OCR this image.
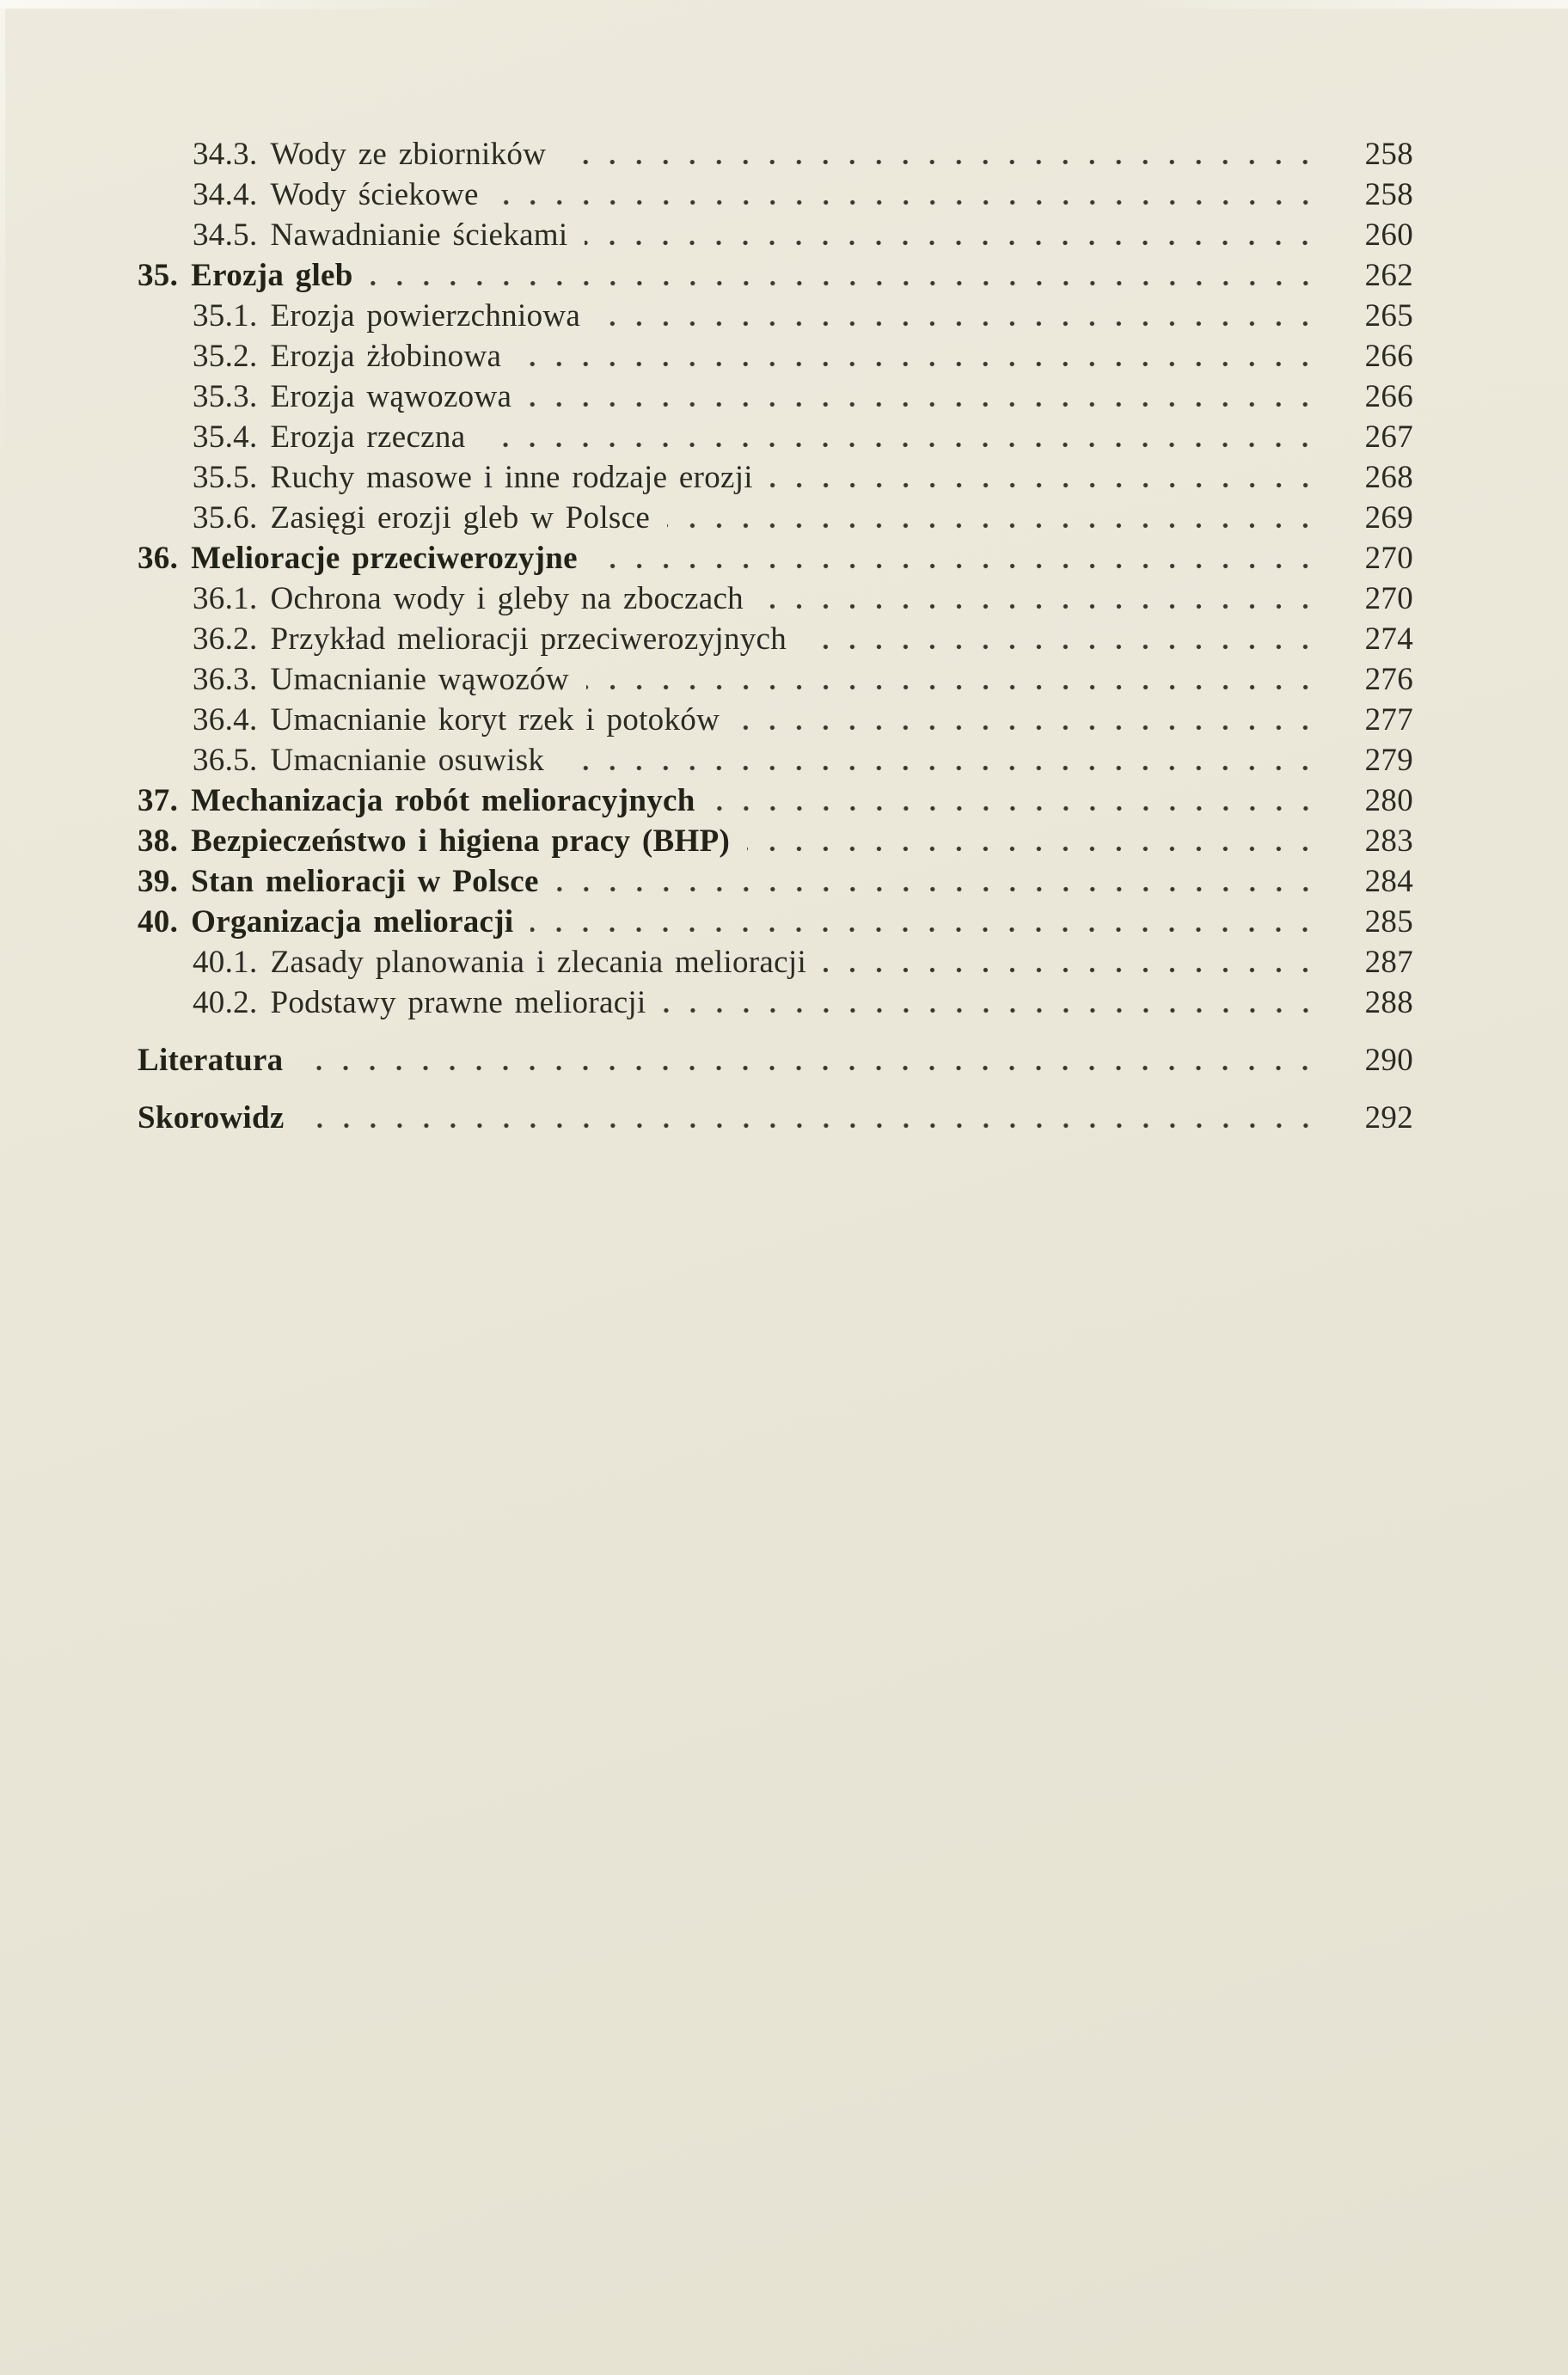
34.3. Wody ze zbiorników	258
34.4. Wody ściekowe	258
34.5. Nawadnianie ściekami	260
35. Erozja gleb	262
35.1. Erozja powierzchniowa	265
35.2. Erozja żłobinowa	266
35.3. Erozja wąwozowa	266
35.4. Erozja rzeczna	267
35.5. Ruchy masowe i inne rodzaje erozji	268
35.6. Zasięgi erozji gleb w Polsce	269
36. Melioracje przeciwerozyjne	270
36.1. Ochrona wody i gleby na zboczach	270
36.2. Przykład melioracji przeciwerozyjnych	274
36.3. Umacnianie wąwozów	276
36.4. Umacnianie koryt rzek i potoków	277
36.5. Umacnianie osuwisk	279
37. Mechanizacja robót melioracyjnych	280
38. Bezpieczeństwo i higiena pracy (BHP)	283
39. Stan melioracji w Polsce	284
40. Organizacja melioracji	285
40.1. Zasady planowania i zlecania melioracji	287
40.2. Podstawy prawne melioracji	288
Literatura	290
Skorowidz	292
